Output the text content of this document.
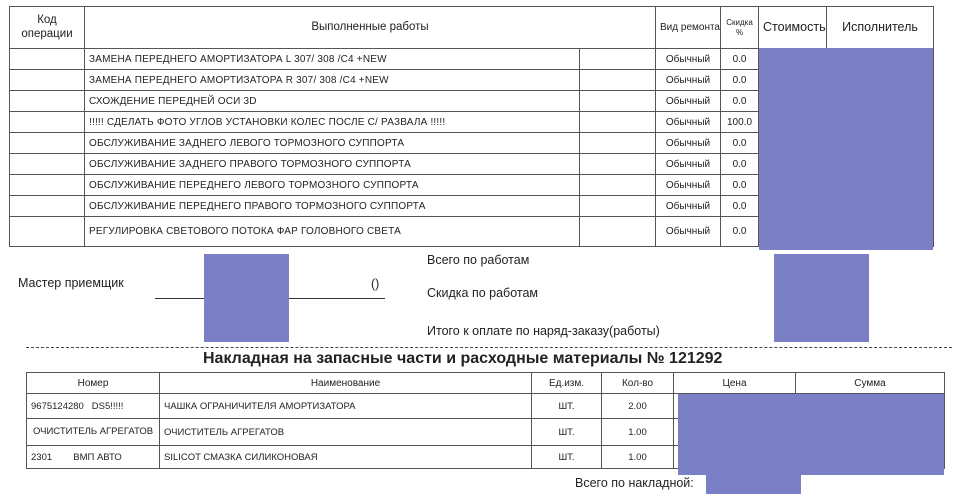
Код операции	Выполненные работы		Вид ремонта	Скидка %	Стоимость	Исполнитель
	ЗАМЕНА ПЕРЕДНЕГО АМОРТИЗАТОРА L 307/ 308 /C4 +NEW		Обычный	0.0		
	ЗАМЕНА ПЕРЕДНЕГО АМОРТИЗАТОРА R 307/ 308 /C4 +NEW		Обычный	0.0		
	СХОЖДЕНИЕ ПЕРЕДНЕЙ ОСИ 3D		Обычный	0.0		
	!!!!! СДЕЛАТЬ ФОТО УГЛОВ УСТАНОВКИ КОЛЕС ПОСЛЕ С/ РАЗВАЛА !!!!!		Обычный	100.0		
	ОБСЛУЖИВАНИЕ ЗАДНЕГО ЛЕВОГО ТОРМОЗНОГО СУППОРТА		Обычный	0.0		
	ОБСЛУЖИВАНИЕ ЗАДНЕГО ПРАВОГО ТОРМОЗНОГО СУППОРТА		Обычный	0.0		
	ОБСЛУЖИВАНИЕ ПЕРЕДНЕГО ЛЕВОГО ТОРМОЗНОГО СУППОРТА		Обычный	0.0		
	ОБСЛУЖИВАНИЕ ПЕРЕДНЕГО ПРАВОГО ТОРМОЗНОГО СУППОРТА		Обычный	0.0		
	РЕГУЛИРОВКА СВЕТОВОГО ПОТОКА ФАР ГОЛОВНОГО СВЕТА		Обычный	0.0		
Мастер приемщик	()
Всего по работам
Скидка по работам
Итого к оплате по наряд-заказу(работы)
Накладная на запасные части и расходные материалы № 121292
Номер	Наименование	Ед.изм.	Кол-во	Цена	Сумма
9675124280   DS5!!!!!	ЧАШКА ОГРАНИЧИТЕЛЯ АМОРТИЗАТОРА	ШТ.	2.00		
ОЧИСТИТЕЛЬ АГРЕГАТОВ	ОЧИСТИТЕЛЬ АГРЕГАТОВ	ШТ.	1.00		
2301        ВМП АВТО	SILICOT СМАЗКА СИЛИКОНОВАЯ	ШТ.	1.00		
Всего по накладной:
